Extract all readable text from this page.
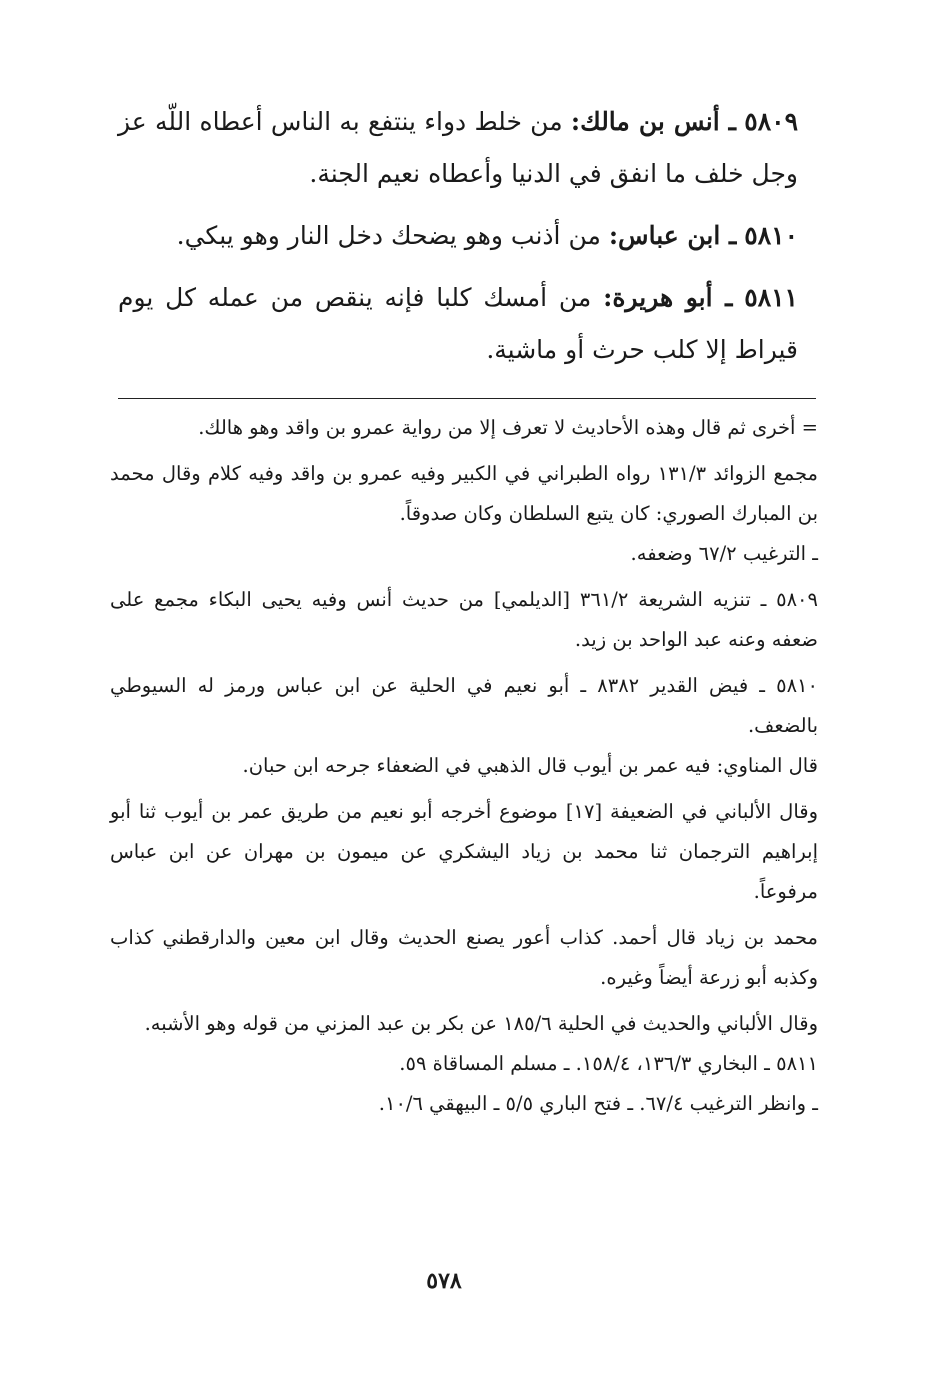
٥٨٠٩ ـ أنس بن مالك: من خلط دواء ينتفع به الناس أعطاه اللّه عز وجل خلف ما انفق في الدنيا وأعطاه نعيم الجنة.

٥٨١٠ ـ ابن عباس: من أذنب وهو يضحك دخل النار وهو يبكي.

٥٨١١ ـ أبو هريرة: من أمسك كلبا فإنه ينقص من عمله كل يوم قيراط إلا كلب حرث أو ماشية.

= أخرى ثم قال وهذه الأحاديث لا تعرف إلا من رواية عمرو بن واقد وهو هالك.

مجمع الزوائد ١٣١/٣ رواه الطبراني في الكبير وفيه عمرو بن واقد وفيه كلام وقال محمد بن المبارك الصوري: كان يتبع السلطان وكان صدوقاً.

ـ الترغيب ٦٧/٢ وضعفه.

٥٨٠٩ ـ تنزيه الشريعة ٣٦١/٢ [الديلمي] من حديث أنس وفيه يحيى البكاء مجمع على ضعفه وعنه عبد الواحد بن زيد.

٥٨١٠ ـ فيض القدير ٨٣٨٢ ـ أبو نعيم في الحلية عن ابن عباس ورمز له السيوطي بالضعف.

قال المناوي: فيه عمر بن أيوب قال الذهبي في الضعفاء جرحه ابن حبان.

وقال الألباني في الضعيفة [١٧] موضوع أخرجه أبو نعيم من طريق عمر بن أيوب ثنا أبو إبراهيم الترجمان ثنا محمد بن زياد اليشكري عن ميمون بن مهران عن ابن عباس مرفوعاً.

محمد بن زياد قال أحمد. كذاب أعور يصنع الحديث وقال ابن معين والدارقطني كذاب وكذبه أبو زرعة أيضاً وغيره.

وقال الألباني والحديث في الحلية ١٨٥/٦ عن بكر بن عبد المزني من قوله وهو الأشبه.

٥٨١١ ـ البخاري ١٣٦/٣، ١٥٨/٤. ـ مسلم المساقاة ٥٩.

ـ وانظر الترغيب ٦٧/٤. ـ فتح الباري ٥/٥ ـ البيهقي ١٠/٦.

٥٧٨
